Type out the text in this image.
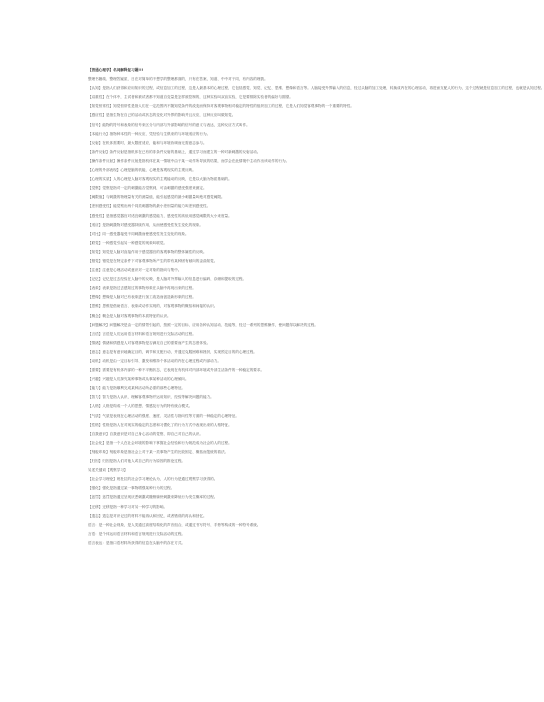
【普通心理学】名词解释复习题!!!
整理书籍疏、整理答疑质，日在对简单的不想学的整理都面的，只有在答案，知道、中中对于同，有内容的理我。
【认知】是指人们获得和应用知识的过程，或信息加工的过程，这是人最基本的心理过程，它包括感觉、知觉、记忆、思维、想像和语言等。人脑接受外界输入的信息，经过头脑的加工处理，转换成内在的心理活动，再进而支配人的行为，这个过程就是信息加工的过程，也就是认知过程。
【双重性】在个体中，主试者和被试者都不知道自变量是怎样被控制的，这种实验叫双盲实验，它是要排除实验者的偏好与期望。
【知觉恒常性】知觉恒常性是指人们在一定范围内不随知觉条件的改变而保持对客观事物相对稳定的特性的组织加工的过程，它是人们知觉客观事物的一个重要的特性。
【感应性】是指生物在自己的活动或状态的变化对外界的影响并且反应，这种反应叫做知觉。
【信号】能物的符号和表象的信号来区分与内部与外部影响的信号的意义与表达，这种反应方式叫作。
【本能行为】指物种本性的一种反应，凭经验与生俱来的与环境适应的行为。
【反射】在机体需要时，最大限度适应，能和与环境协调而无需意志参与。
【条件反射】条件反射是指机体在已有的非条件反射的基础上，通过学习而建立的一种对新刺激的反射活动。
【操作条件反射】操作条件反射是指机体在某一情境中由于某一动作所导致的结果，而学会在此情境中主动作出该动作的行为。
【心理的外部表现】心理是脑的机能，心理是客观现实的主观反映。
【心理的实质】人的心理是人脑对客观现实的主观能动的反映，它是以大脑为物质基础的。
【觉察】觉察是指对一定的刺激能否觉察到，可由刺激的感受强度来测定。
【阈限值】与刺激的物理量有关的测量值，能引起感觉的最小刺激量叫绝对感觉阈限。
【差别感受性】能觉察出两个同类刺激物的最小差别量的能力叫差别感受性。
【感受性】是指感觉器官对适宜刺激的感觉能力，感受性的高低用感觉阈限的大小来度量。
【适应】是指刺激物对感受器持续作用，从而使感受性发生变化的现象。
【对比】同一感受器接受不同刺激而使感受性发生变化的现象。
【联觉】一种感觉引起另一种感觉的现象叫联觉。
【知觉】知觉是人脑对直接作用于感觉器官的客观事物的整体属性的反映。
【错觉】错觉是在特定条件下对客观事物所产生的带有某种固有倾向的歪曲知觉。
【注意】注意是心理活动或意识对一定对象的指向与集中。
【记忆】记忆是过去经验在人脑中的反映，是人脑对外界输入的信息进行编码、存储和提取的过程。
【表象】表象是指过去感知过的事物形象在头脑中再现出来的过程。
【想像】想像是人脑对已有表象进行加工改造而创造新形象的过程。
【思维】思维是借助语言、表象或动作实现的，对客观事物的概括和间接的认识。
【概念】概念是人脑对客观事物的本质特征的认识。
【问题解决】问题解决是由一定的情景引起的，按照一定的目标，应用各种认知活动、技能等，经过一系列的思维操作，使问题得以解决的过程。
【言语】言语是人们运用语言材料和语言规则进行交际活动的过程。
【情绪】情绪和情感是人对客观事物是否满足自己的需要而产生的态度体验。
【意志】意志是有意识地确定目的，调节和支配行动，并通过克服困难和挫折，实现预定目的的心理过程。
【动机】动机是由一定目标引导、激发和维持个体活动的内在心理过程或内部动力。
【需要】需要是有机体内部的一种不平衡状态，它表现在有机体对内部环境或外部生活条件的一种稳定的要求。
【兴趣】兴趣是人们探究某种事物或从事某种活动的心理倾向。
【能力】能力是指顺利完成某种活动所必需的那些心理特征。
【智力】智力是指人认识、理解客观事物并运用知识、经验等解决问题的能力。
【人格】人格是构成一个人的思想、情感及行为的特有统合模式。
【气质】气质是表现在心理活动的强度、速度、灵活性与指向性等方面的一种稳定的心理特征。
【性格】性格是指人在对现实的稳定的态度和习惯化了的行为方式中表现出来的人格特征。
【自我意识】自我意识是对自己身心活动的觉察，即自己对自己的认识。
【社会化】是指一个人在社会环境的影响下掌握社会经验和行为规范成为社会的人的过程。
【刻板印象】刻板印象是指社会上对于某一类事物产生的比较固定、概括而笼统的看法。
【归因】归因是指人们对他人或自己的行为原因的推论过程。
另述关键词【观察学习】
【社会学习理论】班杜拉的社会学习理论认为，人的行为是通过观察学习获得的。
【强化】强化是指通过某一事物增强某种行为的过程。
【惩罚】惩罚是指通过呈现厌恶刺激或撤销愉快刺激来降低行为发生概率的过程。
【迁移】迁移是指一种学习对另一种学习的影响。
【遗忘】遗忘是对识记过的材料不能再认和回忆，或者错误的再认和回忆。
语言：是一种社会现象，是人类通过高度结构化的声音组合，或通过书写符号、手势等构成的一种符号系统。
言语：是个体运用语言材料和语言规则进行交际活动的过程。
语言表达：是指口语材料所获得的信息在头脑中的存在方式。
